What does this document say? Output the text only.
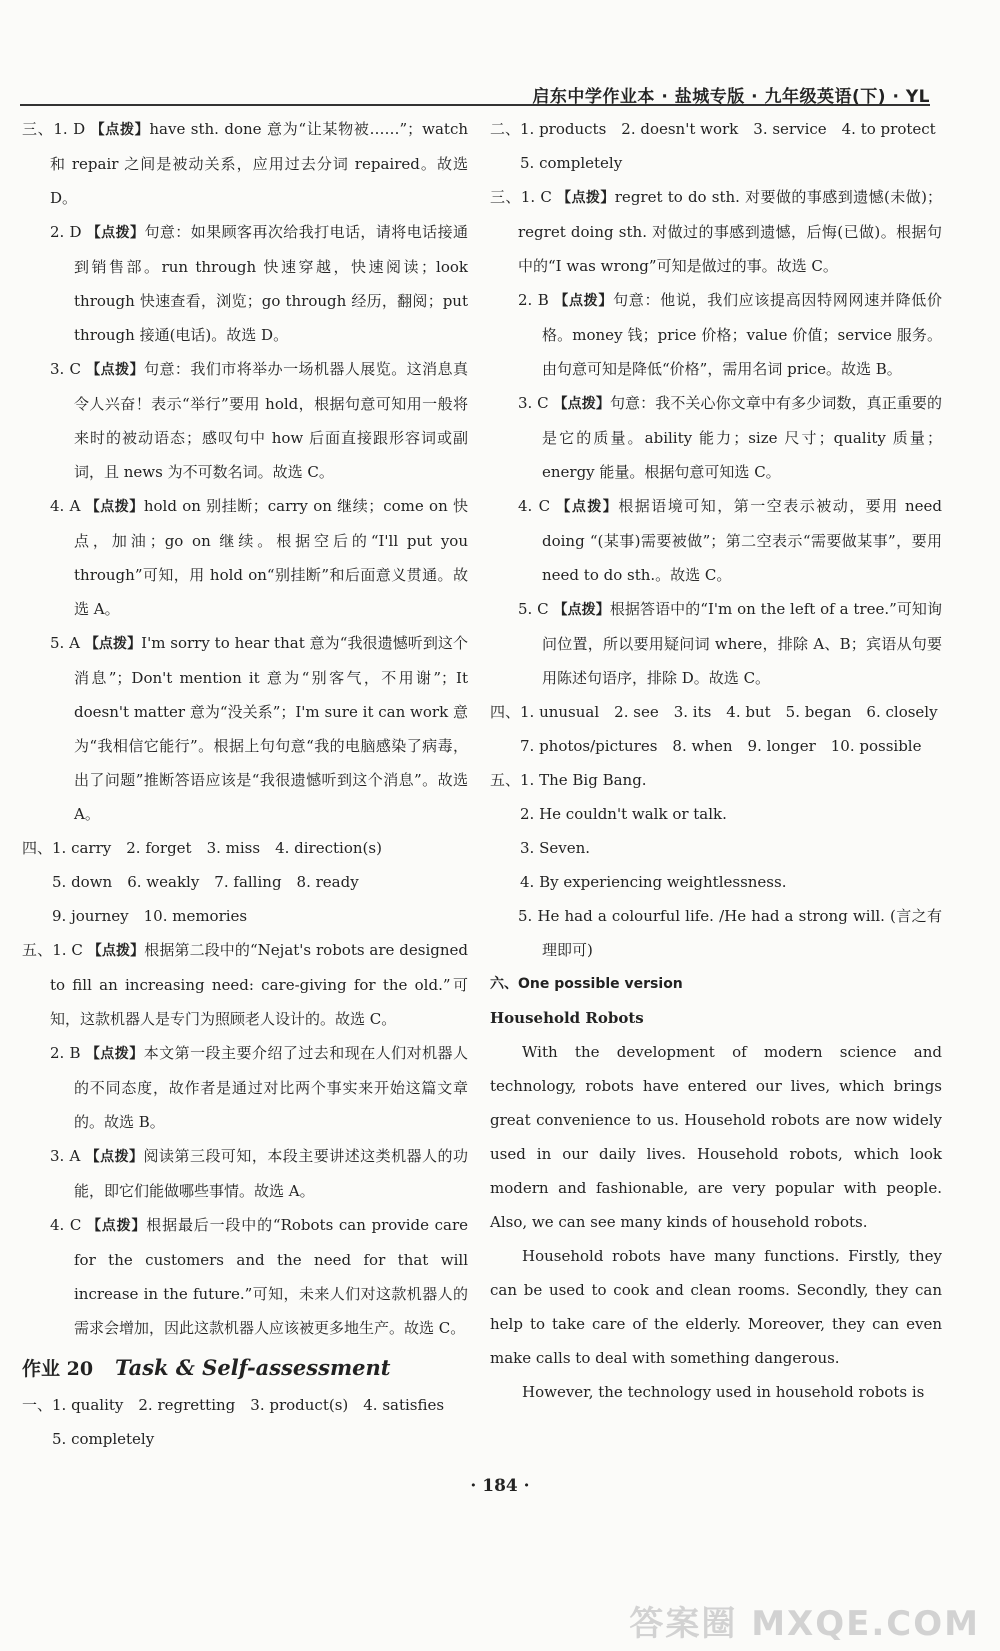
启东中学作业本 · 盐城专版 · 九年级英语(下) · YL

三、1. D 【点拨】have sth. done 意为“让某物被……”；watch 和 repair 之间是被动关系，应用过去分词 repaired。故选 D。

2. D 【点拨】句意：如果顾客再次给我打电话，请将电话接通到销售部。run through 快速穿越，快速阅读；look through 快速查看，浏览；go through 经历，翻阅；put through 接通(电话)。故选 D。

3. C 【点拨】句意：我们市将举办一场机器人展览。这消息真令人兴奋！表示“举行”要用 hold，根据句意可知用一般将来时的被动语态；感叹句中 how 后面直接跟形容词或副词，且 news 为不可数名词。故选 C。

4. A 【点拨】hold on 别挂断；carry on 继续；come on 快点，加油；go on 继续。根据空后的“I'll put you through”可知，用 hold on“别挂断”和后面意义贯通。故选 A。

5. A 【点拨】I'm sorry to hear that 意为“我很遗憾听到这个消息”；Don't mention it 意为“别客气，不用谢”；It doesn't matter 意为“没关系”；I'm sure it can work 意为“我相信它能行”。根据上句句意“我的电脑感染了病毒，出了问题”推断答语应该是“我很遗憾听到这个消息”。故选 A。

四、1. carry　2. forget　3. miss　4. direction(s)

5. down　6. weakly　7. falling　8. ready

9. journey　10. memories

五、1. C 【点拨】根据第二段中的“Nejat's robots are designed to fill an increasing need: care-giving for the old.”可知，这款机器人是专门为照顾老人设计的。故选 C。

2. B 【点拨】本文第一段主要介绍了过去和现在人们对机器人的不同态度，故作者是通过对比两个事实来开始这篇文章的。故选 B。

3. A 【点拨】阅读第三段可知，本段主要讲述这类机器人的功能，即它们能做哪些事情。故选 A。

4. C 【点拨】根据最后一段中的“Robots can provide care for the customers and the need for that will increase in the future.”可知，未来人们对这款机器人的需求会增加，因此这款机器人应该被更多地生产。故选 C。

作业 20 Task & Self-assessment

一、1. quality　2. regretting　3. product(s)　4. satisfies

5. completely

二、1. products　2. doesn't work　3. service　4. to protect

5. completely

三、1. C 【点拨】regret to do sth. 对要做的事感到遗憾(未做)；regret doing sth. 对做过的事感到遗憾，后悔(已做)。根据句中的“I was wrong”可知是做过的事。故选 C。

2. B 【点拨】句意：他说，我们应该提高因特网网速并降低价格。money 钱；price 价格；value 价值；service 服务。由句意可知是降低“价格”，需用名词 price。故选 B。

3. C 【点拨】句意：我不关心你文章中有多少词数，真正重要的是它的质量。ability 能力；size 尺寸；quality 质量；energy 能量。根据句意可知选 C。

4. C 【点拨】根据语境可知，第一空表示被动，要用 need doing “(某事)需要被做”；第二空表示“需要做某事”，要用 need to do sth.。故选 C。

5. C 【点拨】根据答语中的“I'm on the left of a tree.”可知询问位置，所以要用疑问词 where，排除 A、B；宾语从句要用陈述句语序，排除 D。故选 C。

四、1. unusual　2. see　3. its　4. but　5. began　6. closely

7. photos/pictures　8. when　9. longer　10. possible

五、1. The Big Bang.

2. He couldn't walk or talk.

3. Seven.

4. By experiencing weightlessness.

5. He had a colourful life. /He had a strong will. (言之有理即可)

六、One possible version

Household Robots

With the development of modern science and technology, robots have entered our lives, which brings great convenience to us. Household robots are now widely used in our daily lives. Household robots, which look modern and fashionable, are very popular with people. Also, we can see many kinds of household robots.

Household robots have many functions. Firstly, they can be used to cook and clean rooms. Secondly, they can help to take care of the elderly. Moreover, they can even make calls to deal with something dangerous.

However, the technology used in household robots is

· 184 ·
答案圈 MXQE.COM
